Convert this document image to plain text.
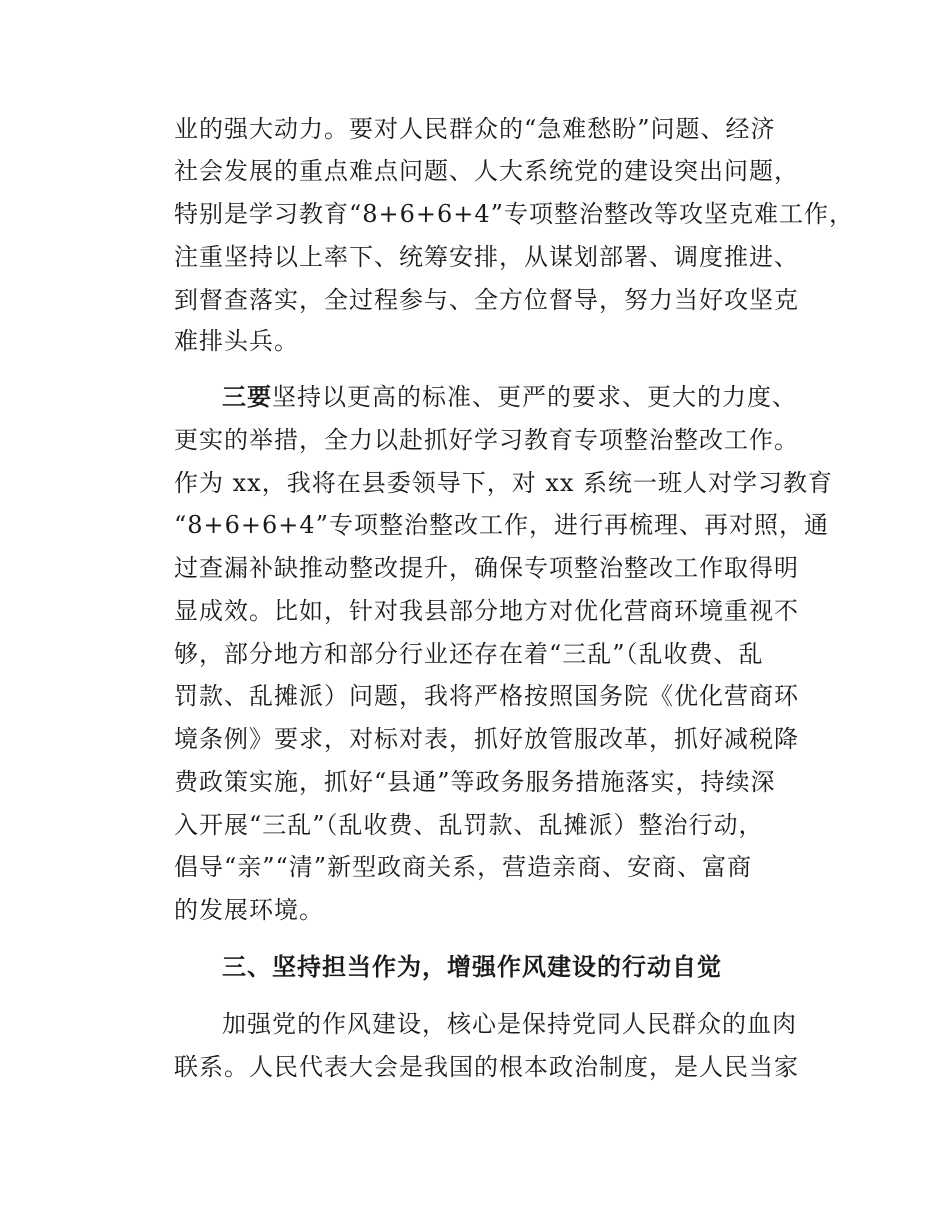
业的强大动力。要对人民群众的“急难愁盼”问题、经济
社会发展的重点难点问题、人大系统党的建设突出问题，
特别是学习教育“8+6+6+4”专项整治整改等攻坚克难工作，
注重坚持以上率下、统筹安排，从谋划部署、调度推进、
到督查落实，全过程参与、全方位督导，努力当好攻坚克
难排头兵。
三要坚持以更高的标准、更严的要求、更大的力度、
更实的举措，全力以赴抓好学习教育专项整治整改工作。
作为 xx，我将在县委领导下，对 xx 系统一班人对学习教育
“8+6+6+4”专项整治整改工作，进行再梳理、再对照，通
过查漏补缺推动整改提升，确保专项整治整改工作取得明
显成效。比如，针对我县部分地方对优化营商环境重视不
够，部分地方和部分行业还存在着“三乱”（乱收费、乱
罚款、乱摊派）问题，我将严格按照国务院《优化营商环
境条例》要求，对标对表，抓好放管服改革，抓好减税降
费政策实施，抓好“县通”等政务服务措施落实，持续深
入开展“三乱”（乱收费、乱罚款、乱摊派）整治行动，
倡导“亲”“清”新型政商关系，营造亲商、安商、富商
的发展环境。
三、坚持担当作为，增强作风建设的行动自觉
加强党的作风建设，核心是保持党同人民群众的血肉
联系。人民代表大会是我国的根本政治制度，是人民当家
